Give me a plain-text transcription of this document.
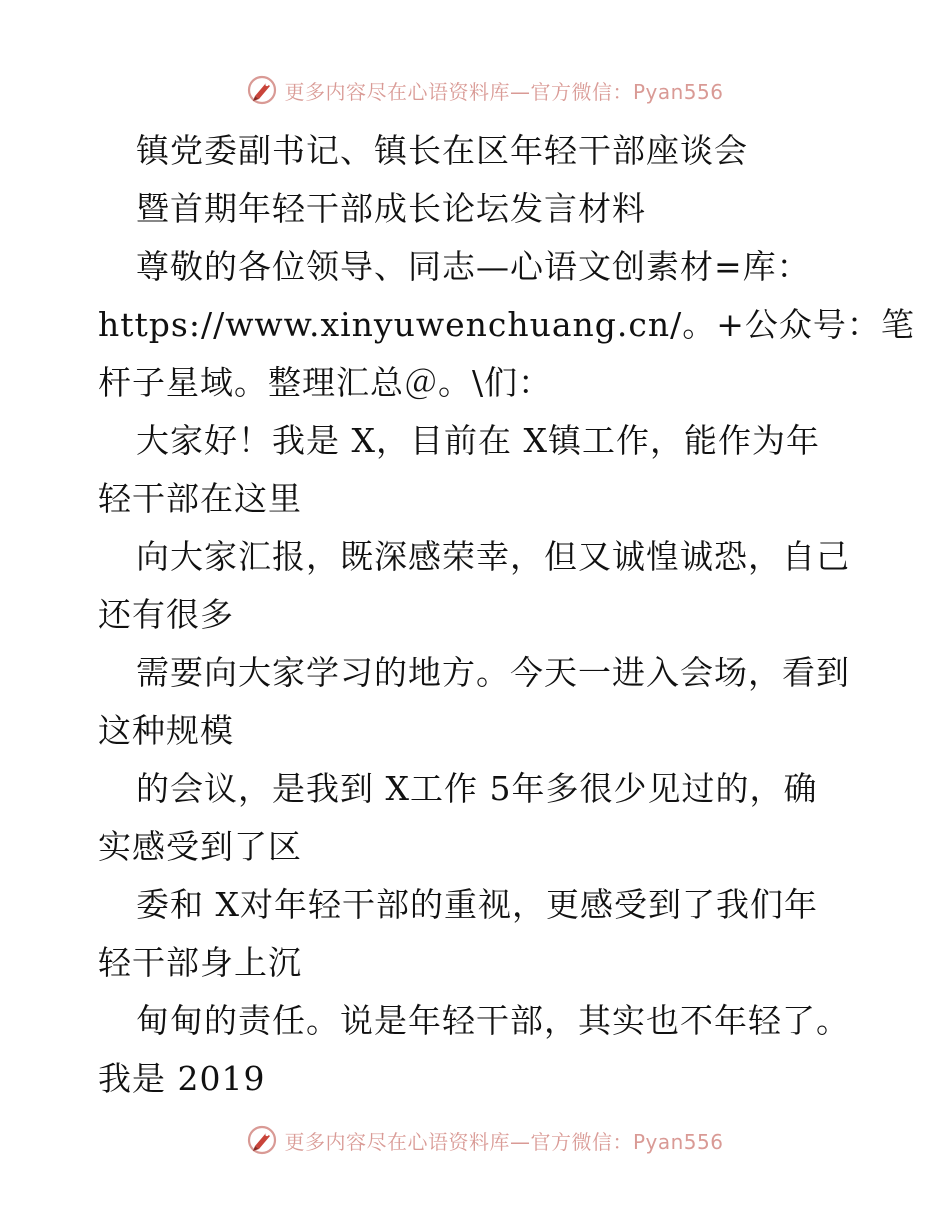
更多内容尽在心语资料库—官方微信：Pyan556
镇党委副书记、镇长在区年轻干部座谈会
暨首期年轻干部成长论坛发言材料
尊敬的各位领导、同志—心语文创素材=库：
https://www.xinyuwenchuang.cn/。+公众号：笔
杆子星域。整理汇总＠。\们：
大家好！我是 X，目前在 X镇工作，能作为年
轻干部在这里
向大家汇报，既深感荣幸，但又诚惶诚恐，自己
还有很多
需要向大家学习的地方。今天一进入会场，看到
这种规模
的会议，是我到 X工作 5年多很少见过的，确
实感受到了区
委和 X对年轻干部的重视，更感受到了我们年
轻干部身上沉
甸甸的责任。说是年轻干部，其实也不年轻了。
我是 2019
更多内容尽在心语资料库—官方微信：Pyan556
